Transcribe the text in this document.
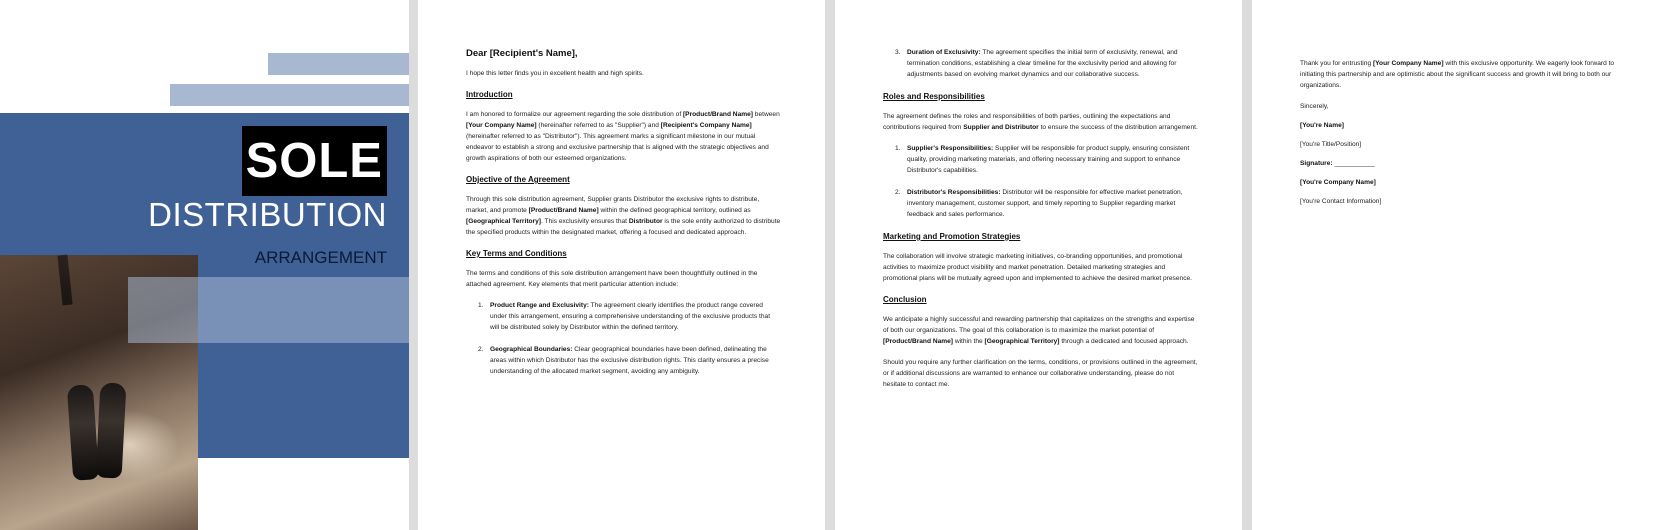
SOLE
DISTRIBUTION
ARRANGEMENT
Dear [Recipient's Name],
I hope this letter finds you in excellent health and high spirits.
Introduction
I am honored to formalize our agreement regarding the sole distribution of [Product/Brand Name] between [Your Company Name] (hereinafter referred to as "Supplier") and [Recipient's Company Name] (hereinafter referred to as "Distributor"). This agreement marks a significant milestone in our mutual endeavor to establish a strong and exclusive partnership that is aligned with the strategic objectives and growth aspirations of both our esteemed organizations.
Objective of the Agreement
Through this sole distribution agreement, Supplier grants Distributor the exclusive rights to distribute, market, and promote [Product/Brand Name] within the defined geographical territory, outlined as [Geographical Territory]. This exclusivity ensures that Distributor is the sole entity authorized to distribute the specified products within the designated market, offering a focused and dedicated approach.
Key Terms and Conditions
The terms and conditions of this sole distribution arrangement have been thoughtfully outlined in the attached agreement. Key elements that merit particular attention include:
1. Product Range and Exclusivity: The agreement clearly identifies the product range covered under this arrangement, ensuring a comprehensive understanding of the exclusive products that will be distributed solely by Distributor within the defined territory.
2. Geographical Boundaries: Clear geographical boundaries have been defined, delineating the areas within which Distributor has the exclusive distribution rights. This clarity ensures a precise understanding of the allocated market segment, avoiding any ambiguity.
3. Duration of Exclusivity: The agreement specifies the initial term of exclusivity, renewal, and termination conditions, establishing a clear timeline for the exclusivity period and allowing for adjustments based on evolving market dynamics and our collaborative success.
Roles and Responsibilities
The agreement defines the roles and responsibilities of both parties, outlining the expectations and contributions required from Supplier and Distributor to ensure the success of the distribution arrangement.
1. Supplier's Responsibilities: Supplier will be responsible for product supply, ensuring consistent quality, providing marketing materials, and offering necessary training and support to enhance Distributor's capabilities.
2. Distributor's Responsibilities: Distributor will be responsible for effective market penetration, inventory management, customer support, and timely reporting to Supplier regarding market feedback and sales performance.
Marketing and Promotion Strategies
The collaboration will involve strategic marketing initiatives, co-branding opportunities, and promotional activities to maximize product visibility and market penetration. Detailed marketing strategies and promotional plans will be mutually agreed upon and implemented to achieve the desired market presence.
Conclusion
We anticipate a highly successful and rewarding partnership that capitalizes on the strengths and expertise of both our organizations. The goal of this collaboration is to maximize the market potential of [Product/Brand Name] within the [Geographical Territory] through a dedicated and focused approach.
Should you require any further clarification on the terms, conditions, or provisions outlined in the agreement, or if additional discussions are warranted to enhance our collaborative understanding, please do not hesitate to contact me.
Thank you for entrusting [Your Company Name] with this exclusive opportunity. We eagerly look forward to initiating this partnership and are optimistic about the significant success and growth it will bring to both our organizations.
Sincerely,
[You're Name]
[You're Title/Position]
Signature: ___________
[You're Company Name]
[You're Contact Information]
